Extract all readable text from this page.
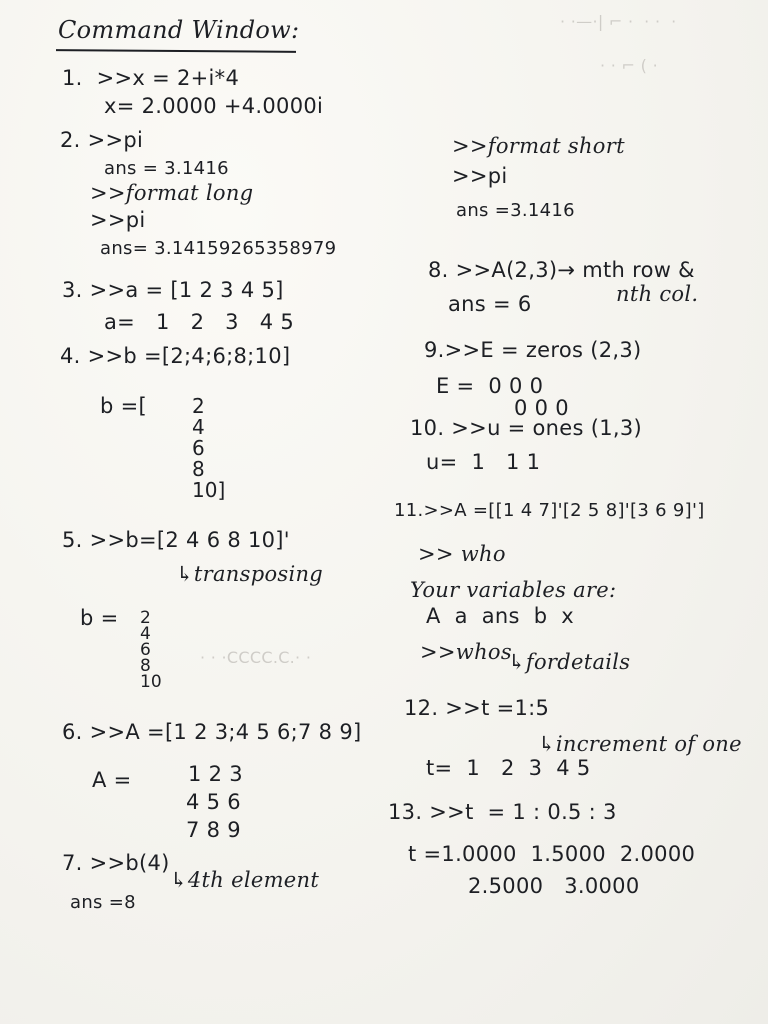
Command Window:	· ·—·| ⌐ ·  · ·  ·
· · ⌐ ( ·
1.  >>x = 2+i*4
x= 2.0000 +4.0000i
2. >>pi
ans = 3.1416
>>format long
>>pi
ans= 3.14159265358979
3. >>a = [1 2 3 4 5]
a=   1   2   3   4 5
4. >>b =[2;4;6;8;10]
b =[ 2
4
6
8
10]
5. >>b=[2 4 6 8 10]'
↳transposing
b = 2
4
6
8
10
· · ·CCCC.C.· ·
6. >>A =[1 2 3;4 5 6;7 8 9]
A =	1 2 3
4 5 6
7 8 9
7. >>b(4)
↳4th element
ans =8
>>format short
>>pi
ans =3.1416
8. >>A(2,3)→ mth row &
nth col.
ans = 6
9.>>E = zeros (2,3)
E =  0 0 0
0 0 0
10. >>u = ones (1,3)
u=  1   1 1
11.>>A =[[1 4 7]'[2 5 8]'[3 6 9]']
>> who
Your variables are:
A  a  ans  b  x
>>whos
↳fordetails
12. >>t =1:5
↳increment of one
t=  1   2  3  4 5
13. >>t  = 1 : 0.5 : 3
t =1.0000  1.5000  2.0000
2.5000   3.0000
